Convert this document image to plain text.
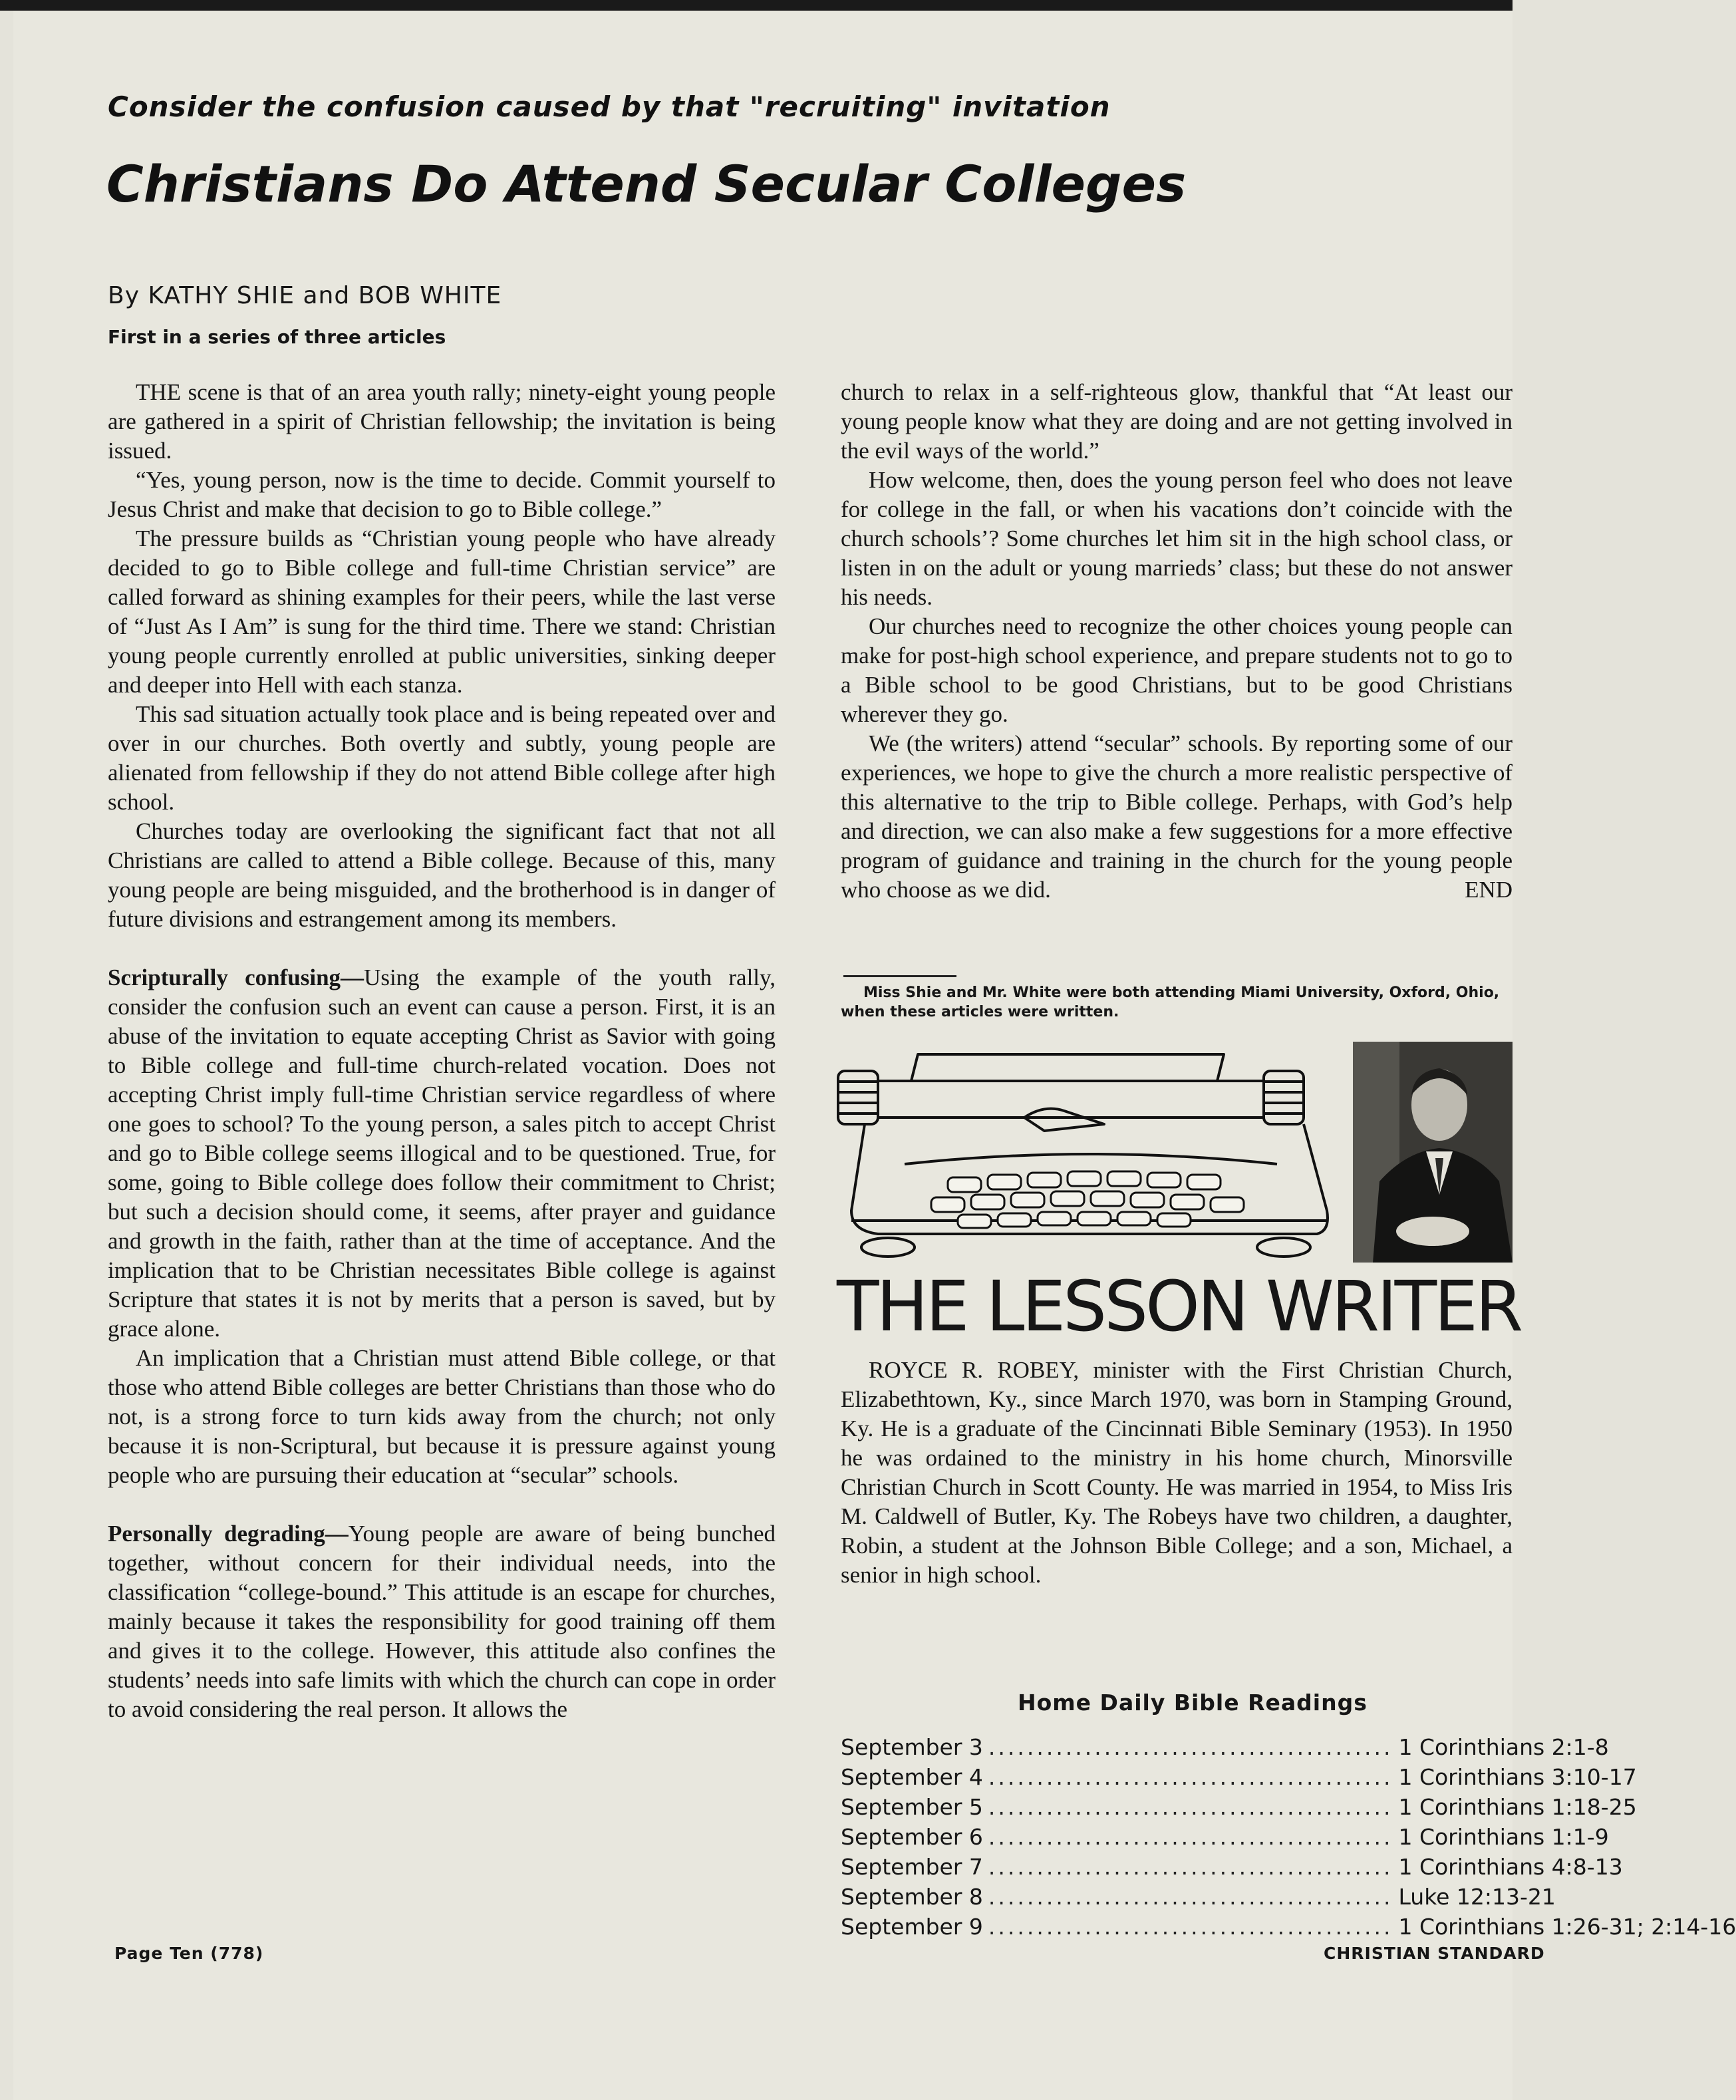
Consider the confusion caused by that "recruiting" invitation
Christians Do Attend Secular Colleges
By KATHY SHIE and BOB WHITE
First in a series of three articles

THE scene is that of an area youth rally; ninety-eight young people are gathered in a spirit of Christian fellowship; the invitation is being issued.

“Yes, young person, now is the time to decide. Commit yourself to Jesus Christ and make that decision to go to Bible college.”

The pressure builds as “Christian young people who have already decided to go to Bible college and full-time Christian service” are called forward as shining examples for their peers, while the last verse of “Just As I Am” is sung for the third time. There we stand: Christian young people currently enrolled at public universities, sinking deeper and deeper into Hell with each stanza.

This sad situation actually took place and is being repeated over and over in our churches. Both overtly and subtly, young people are alienated from fellowship if they do not attend Bible college after high school.

Churches today are overlooking the significant fact that not all Christians are called to attend a Bible college. Because of this, many young people are being misguided, and the brotherhood is in danger of future divisions and estrangement among its members.

Scripturally confusing—Using the example of the youth rally, consider the confusion such an event can cause a person. First, it is an abuse of the invitation to equate accepting Christ as Savior with going to Bible college and full-time church-related vocation. Does not accepting Christ imply full-time Christian service regardless of where one goes to school? To the young person, a sales pitch to accept Christ and go to Bible college seems illogical and to be questioned. True, for some, going to Bible college does follow their commitment to Christ; but such a decision should come, it seems, after prayer and guidance and growth in the faith, rather than at the time of acceptance. And the implication that to be Christian necessitates Bible college is against Scripture that states it is not by merits that a person is saved, but by grace alone.

An implication that a Christian must attend Bible college, or that those who attend Bible colleges are better Christians than those who do not, is a strong force to turn kids away from the church; not only because it is non-Scriptural, but because it is pressure against young people who are pursuing their education at “secular” schools.

Personally degrading—Young people are aware of being bunched together, without concern for their individual needs, into the classification “college-bound.” This attitude is an escape for churches, mainly because it takes the responsibility for good training off them and gives it to the college. However, this attitude also confines the students’ needs into safe limits with which the church can cope in order to avoid considering the real person. It allows the

church to relax in a self-righteous glow, thankful that “At least our young people know what they are doing and are not getting involved in the evil ways of the world.”

How welcome, then, does the young person feel who does not leave for college in the fall, or when his vacations don’t coincide with the church schools’? Some churches let him sit in the high school class, or listen in on the adult or young marrieds’ class; but these do not answer his needs.

Our churches need to recognize the other choices young people can make for post-high school experience, and prepare students not to go to a Bible school to be good Christians, but to be good Christians wherever they go.

We (the writers) attend “secular” schools. By reporting some of our experiences, we hope to give the church a more realistic perspective of this alternative to the trip to Bible college. Perhaps, with God’s help and direction, we can also make a few suggestions for a more effective program of guidance and training in the church for the young people who choose as we did.	END

Miss Shie and Mr. White were both attending Miami University, Oxford, Ohio, when these articles were written.
THE LESSON WRITER

ROYCE R. ROBEY, minister with the First Christian Church, Elizabethtown, Ky., since March 1970, was born in Stamping Ground, Ky. He is a graduate of the Cincinnati Bible Seminary (1953). In 1950 he was ordained to the ministry in his home church, Minorsville Christian Church in Scott County. He was married in 1954, to Miss Iris M. Caldwell of Butler, Ky. The Robeys have two children, a daughter, Robin, a student at the Johnson Bible College; and a son, Michael, a senior in high school.

Home Daily Bible Readings
September 3 .......................................... 1 Corinthians 2:1-8
September 4 .......................................... 1 Corinthians 3:10-17
September 5 .......................................... 1 Corinthians 1:18-25
September 6 .......................................... 1 Corinthians 1:1-9
September 7 .......................................... 1 Corinthians 4:8-13
September 8 .......................................... Luke 12:13-21
September 9 .......................................... 1 Corinthians 1:26-31; 2:14-16
Page Ten (778)	CHRISTIAN STANDARD
